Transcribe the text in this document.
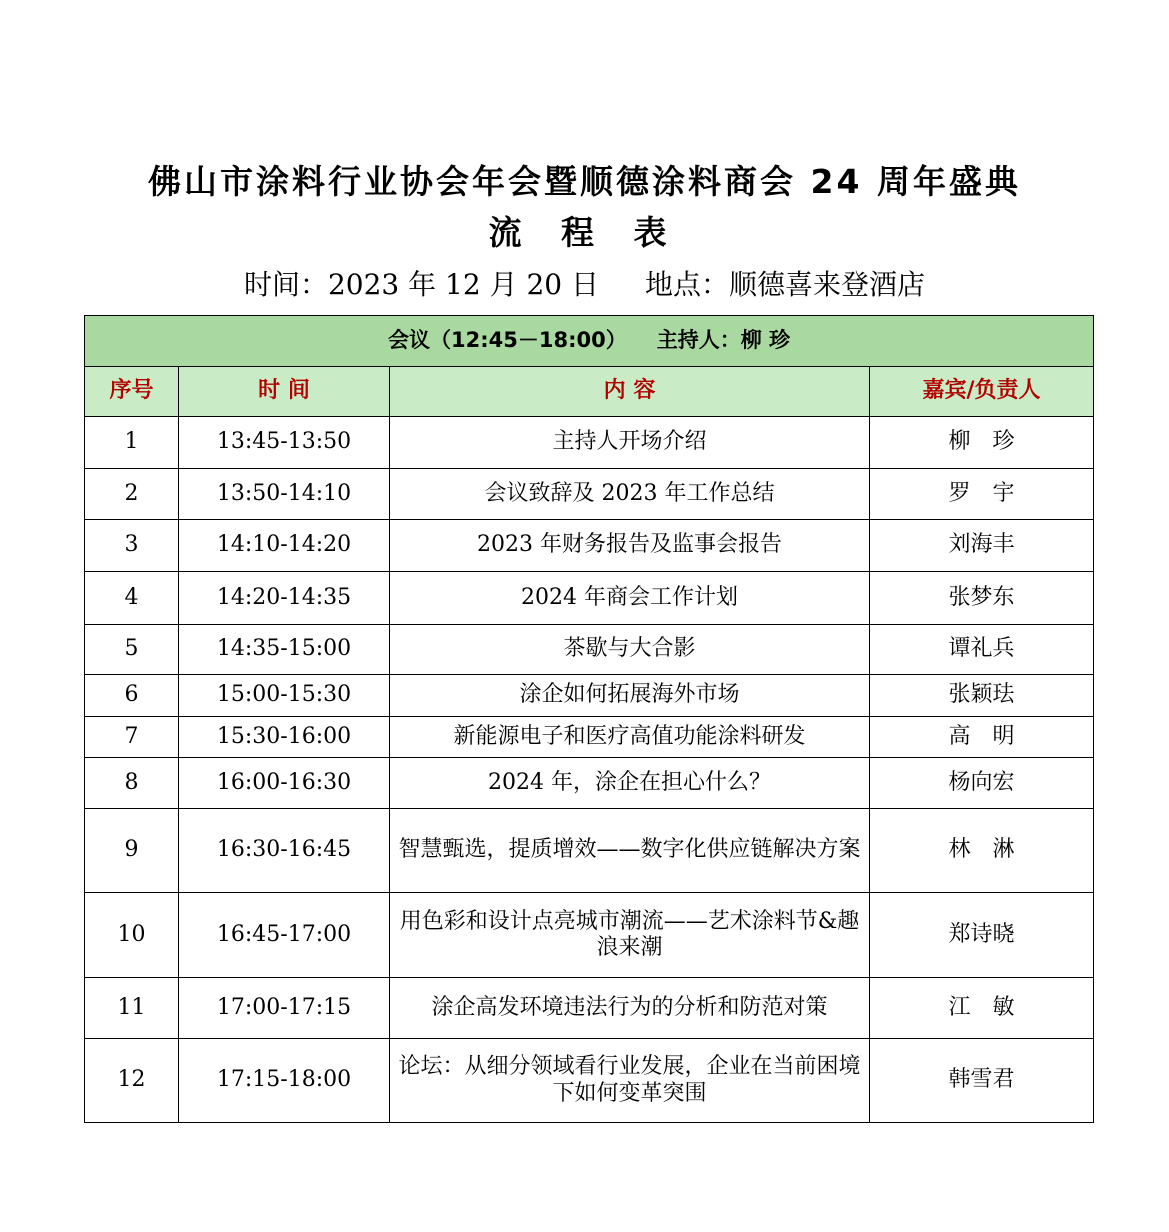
佛山市涂料行业协会年会暨顺德涂料商会 24 周年盛典
流 程 表
时间：2023 年 12 月 20 日 地点：顺德喜来登酒店
会议（12:45－18:00） 主持人：柳 珍			
序号	时 间	内 容	嘉宾/负责人
1	13:45-13:50	主持人开场介绍	柳　珍
2	13:50-14:10	会议致辞及 2023 年工作总结	罗　宇
3	14:10-14:20	2023 年财务报告及监事会报告	刘海丰
4	14:20-14:35	2024 年商会工作计划	张梦东
5	14:35-15:00	茶歇与大合影	谭礼兵
6	15:00-15:30	涂企如何拓展海外市场	张颖珐
7	15:30-16:00	新能源电子和医疗高值功能涂料研发	高　明
8	16:00-16:30	2024 年，涂企在担心什么？	杨向宏
9	16:30-16:45	智慧甄选，提质增效——数字化供应链解决方案	林　淋
10	16:45-17:00	用色彩和设计点亮城市潮流——艺术涂料节&趣浪来潮	郑诗晓
11	17:00-17:15	涂企高发环境违法行为的分析和防范对策	江　敏
12	17:15-18:00	论坛：从细分领域看行业发展，企业在当前困境下如何变革突围	韩雪君
